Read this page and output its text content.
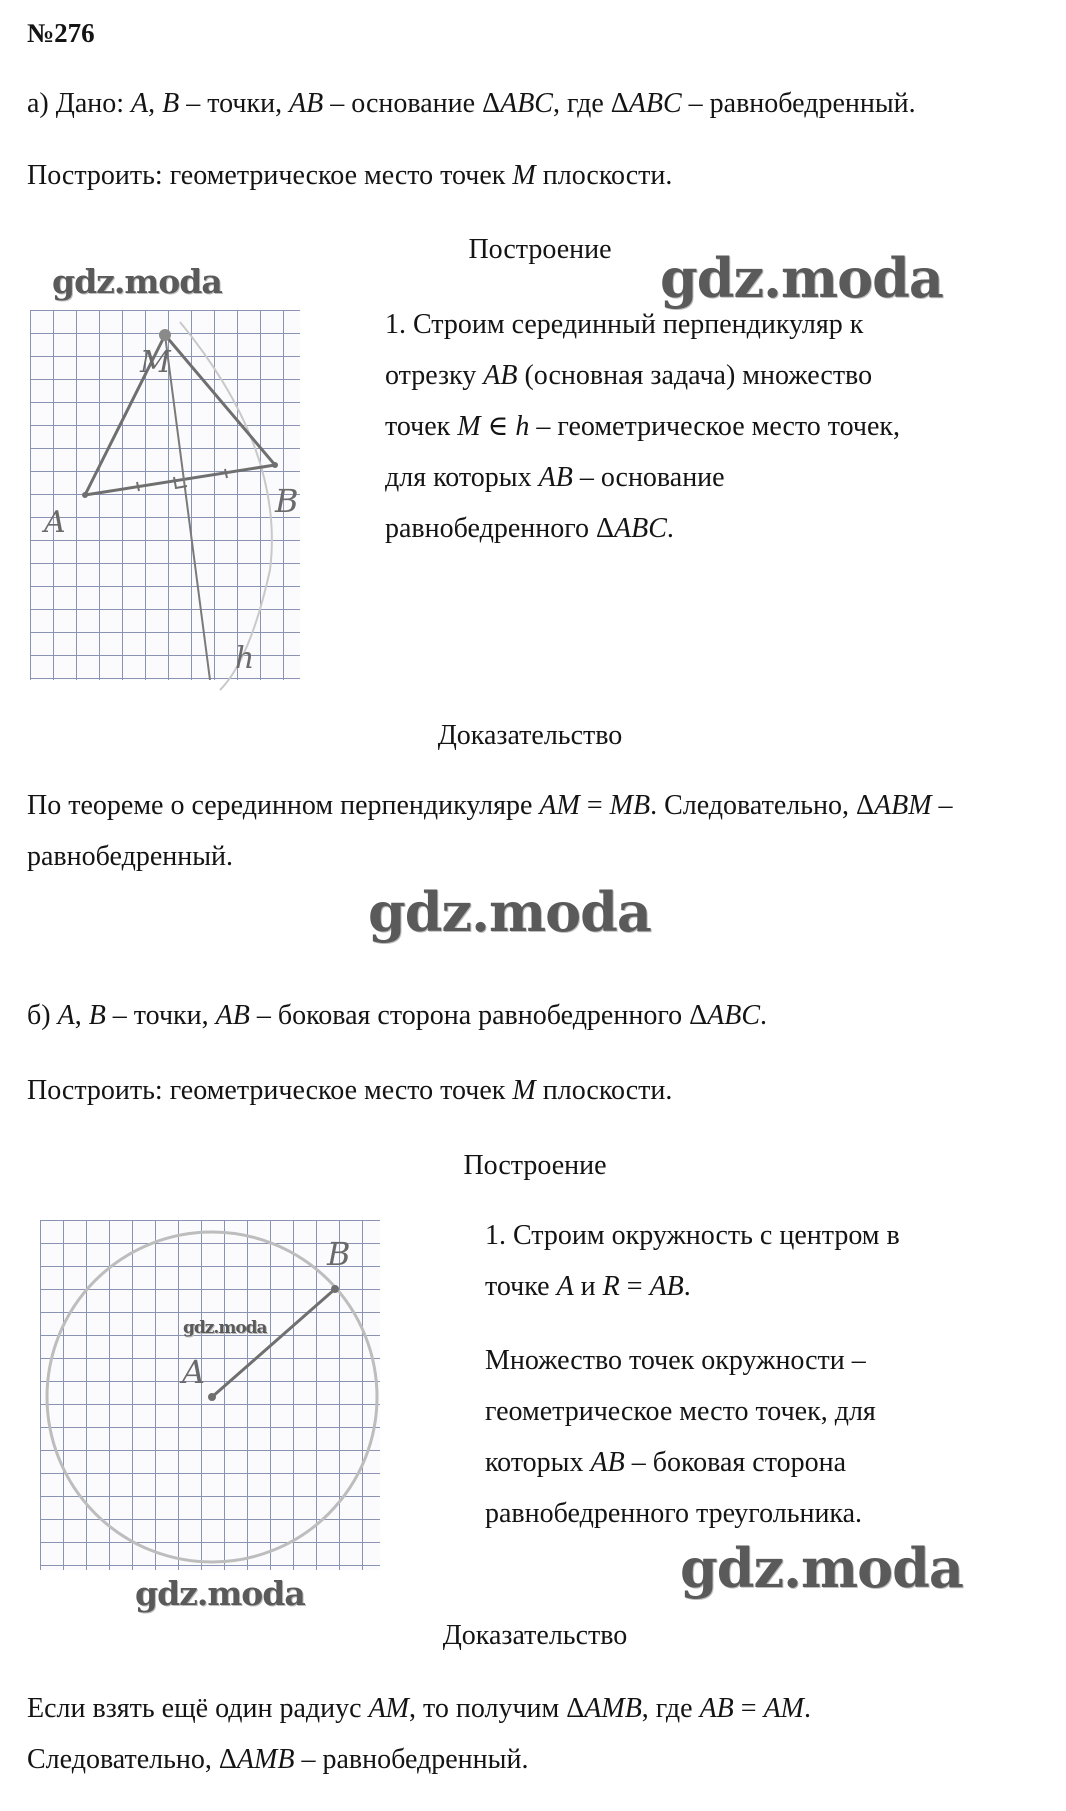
№276

а) Дано: A, B – точки, AB – основание ΔABC, где ΔABC – равнобедренный.

Построить: геометрическое место точек M плоскости.

Построение gdz.moda
gdz.moda
M
A
B
h
1. Строим серединный перпендикуляр к
отрезку AB (основная задача) множество
точек M ∈ h – геометрическое место точек,
для которых AB – основание
равнобедренного ΔABC.
Доказательство
По теореме о серединном перпендикуляре AM = MB. Следовательно, ΔABM –
равнобедренный.
gdz.moda

б) A, B – точки, AB – боковая сторона равнобедренного ΔABC.

Построить: геометрическое место точек M плоскости.

Построение
A
B
gdz.moda
1. Строим окружность с центром в
точке A и R = AB.
Множество точек окружности –
геометрическое место точек, для
которых AB – боковая сторона
равнобедренного треугольника.
gdz.moda
gdz.moda
Доказательство
Если взять ещё один радиус AM, то получим ΔAMB, где AB = AM.
Следовательно, ΔAMB – равнобедренный.
